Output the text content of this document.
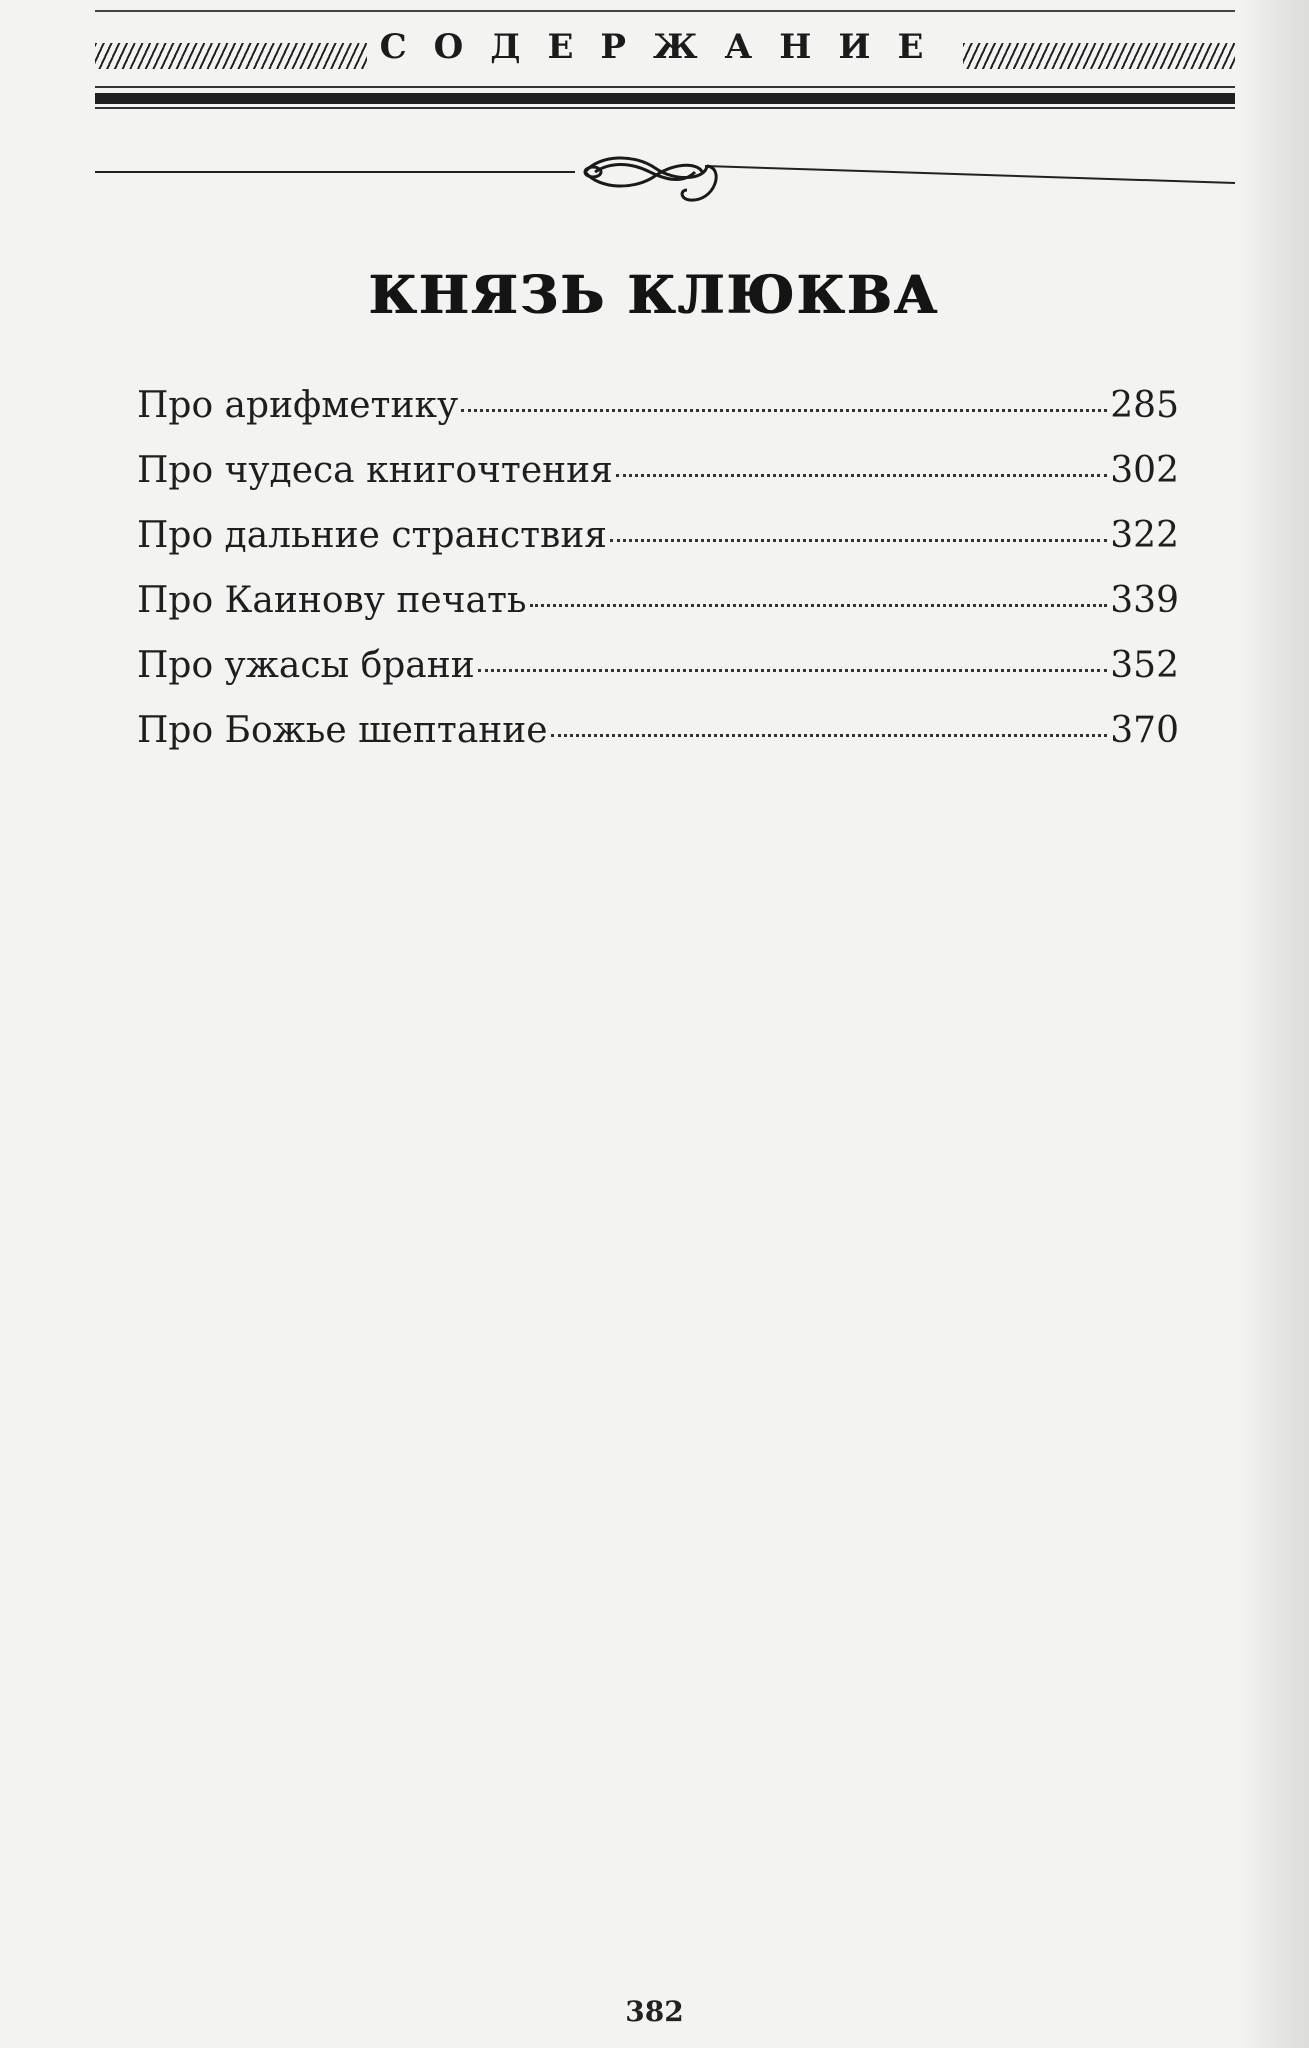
СОДЕРЖАНИЕ
КНЯЗЬ КЛЮКВА
Про арифметику	285
Про чудеса книгочтения	302
Про дальние странствия	322
Про Каинову печать	339
Про ужасы брани	352
Про Божье шептание	370
382
